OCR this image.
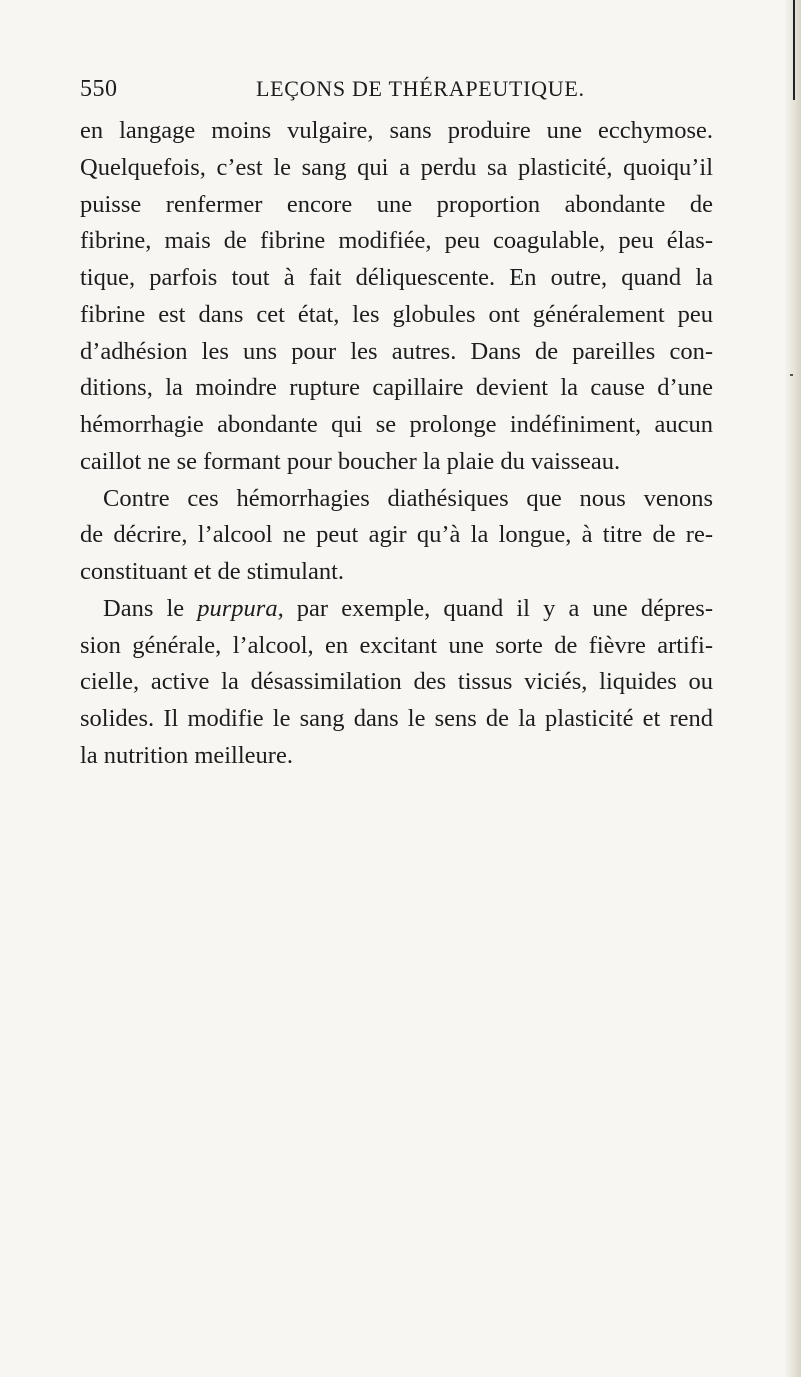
550	LEÇONS DE THÉRAPEUTIQUE.
en langage moins vulgaire, sans produire une ecchymose.
Quelquefois, c’est le sang qui a perdu sa plasticité, quoiqu’il
puisse renfermer encore une proportion abondante de
fibrine, mais de fibrine modifiée, peu coagulable, peu élas-
tique, parfois tout à fait déliquescente. En outre, quand la
fibrine est dans cet état, les globules ont généralement peu
d’adhésion les uns pour les autres. Dans de pareilles con-
ditions, la moindre rupture capillaire devient la cause d’une
hémorrhagie abondante qui se prolonge indéfiniment, aucun
caillot ne se formant pour boucher la plaie du vaisseau.
Contre ces hémorrhagies diathésiques que nous venons
de décrire, l’alcool ne peut agir qu’à la longue, à titre de re-
constituant et de stimulant.
Dans le purpura, par exemple, quand il y a une dépres-
sion générale, l’alcool, en excitant une sorte de fièvre artifi-
cielle, active la désassimilation des tissus viciés, liquides ou
solides. Il modifie le sang dans le sens de la plasticité et rend
la nutrition meilleure.
